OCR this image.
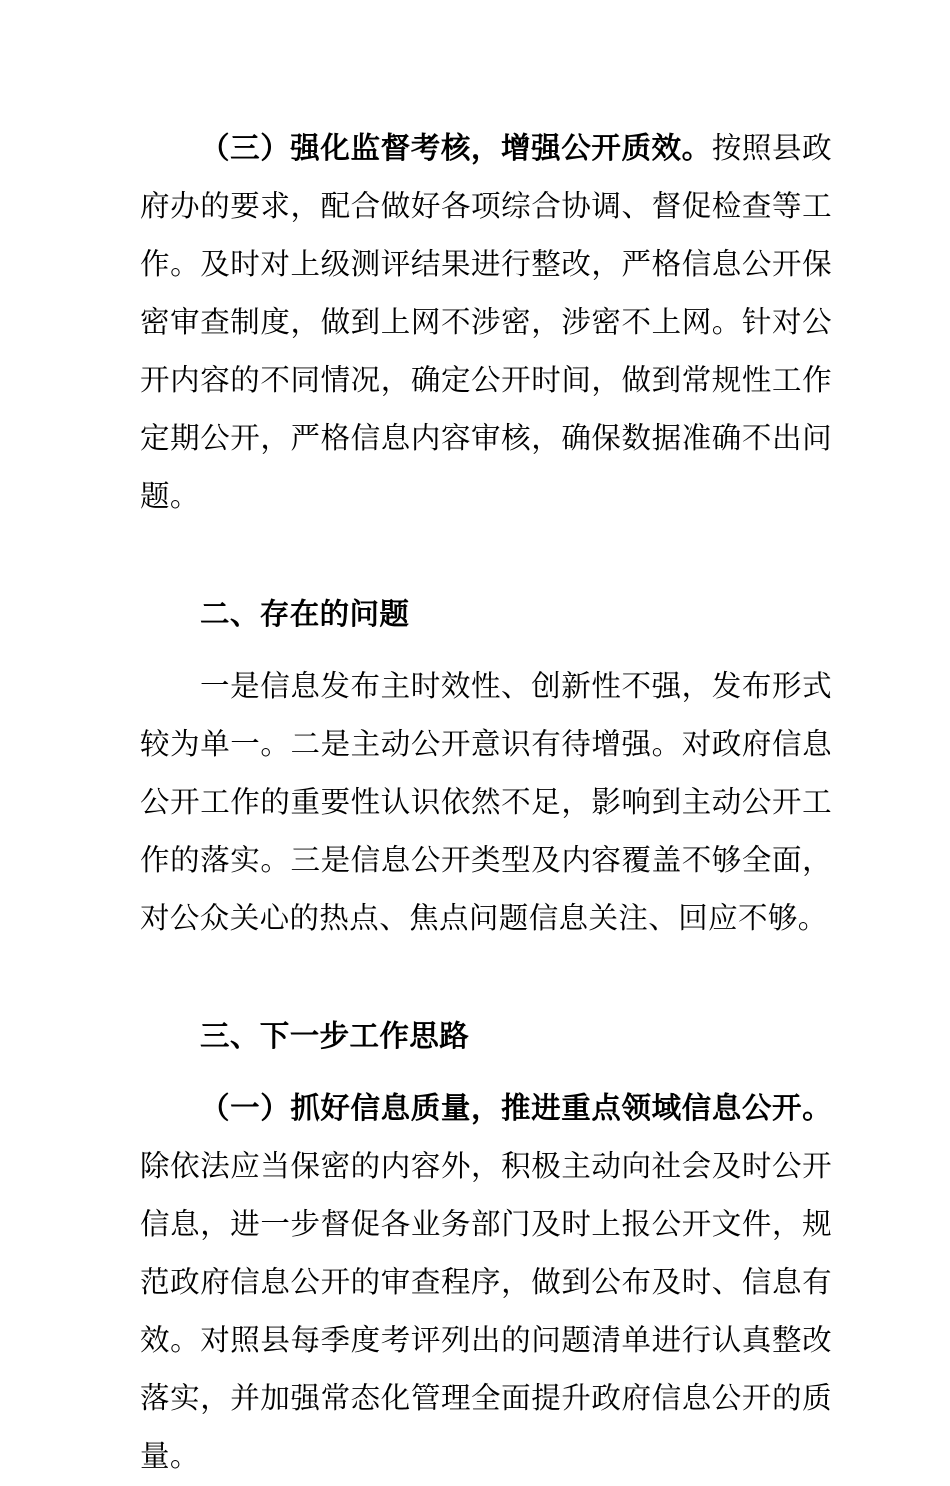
（三）强化监督考核，增强公开质效。按照县政府办的要求，配合做好各项综合协调、督促检查等工作。及时对上级测评结果进行整改，严格信息公开保密审查制度，做到上网不涉密，涉密不上网。针对公开内容的不同情况，确定公开时间，做到常规性工作定期公开，严格信息内容审核，确保数据准确不出问题。

二、存在的问题

一是信息发布主时效性、创新性不强，发布形式较为单一。二是主动公开意识有待增强。对政府信息公开工作的重要性认识依然不足，影响到主动公开工作的落实。三是信息公开类型及内容覆盖不够全面，对公众关心的热点、焦点问题信息关注、回应不够。

三、下一步工作思路

（一）抓好信息质量，推进重点领域信息公开。除依法应当保密的内容外，积极主动向社会及时公开信息，进一步督促各业务部门及时上报公开文件，规范政府信息公开的审查程序，做到公布及时、信息有效。对照县每季度考评列出的问题清单进行认真整改落实，并加强常态化管理全面提升政府信息公开的质量。
